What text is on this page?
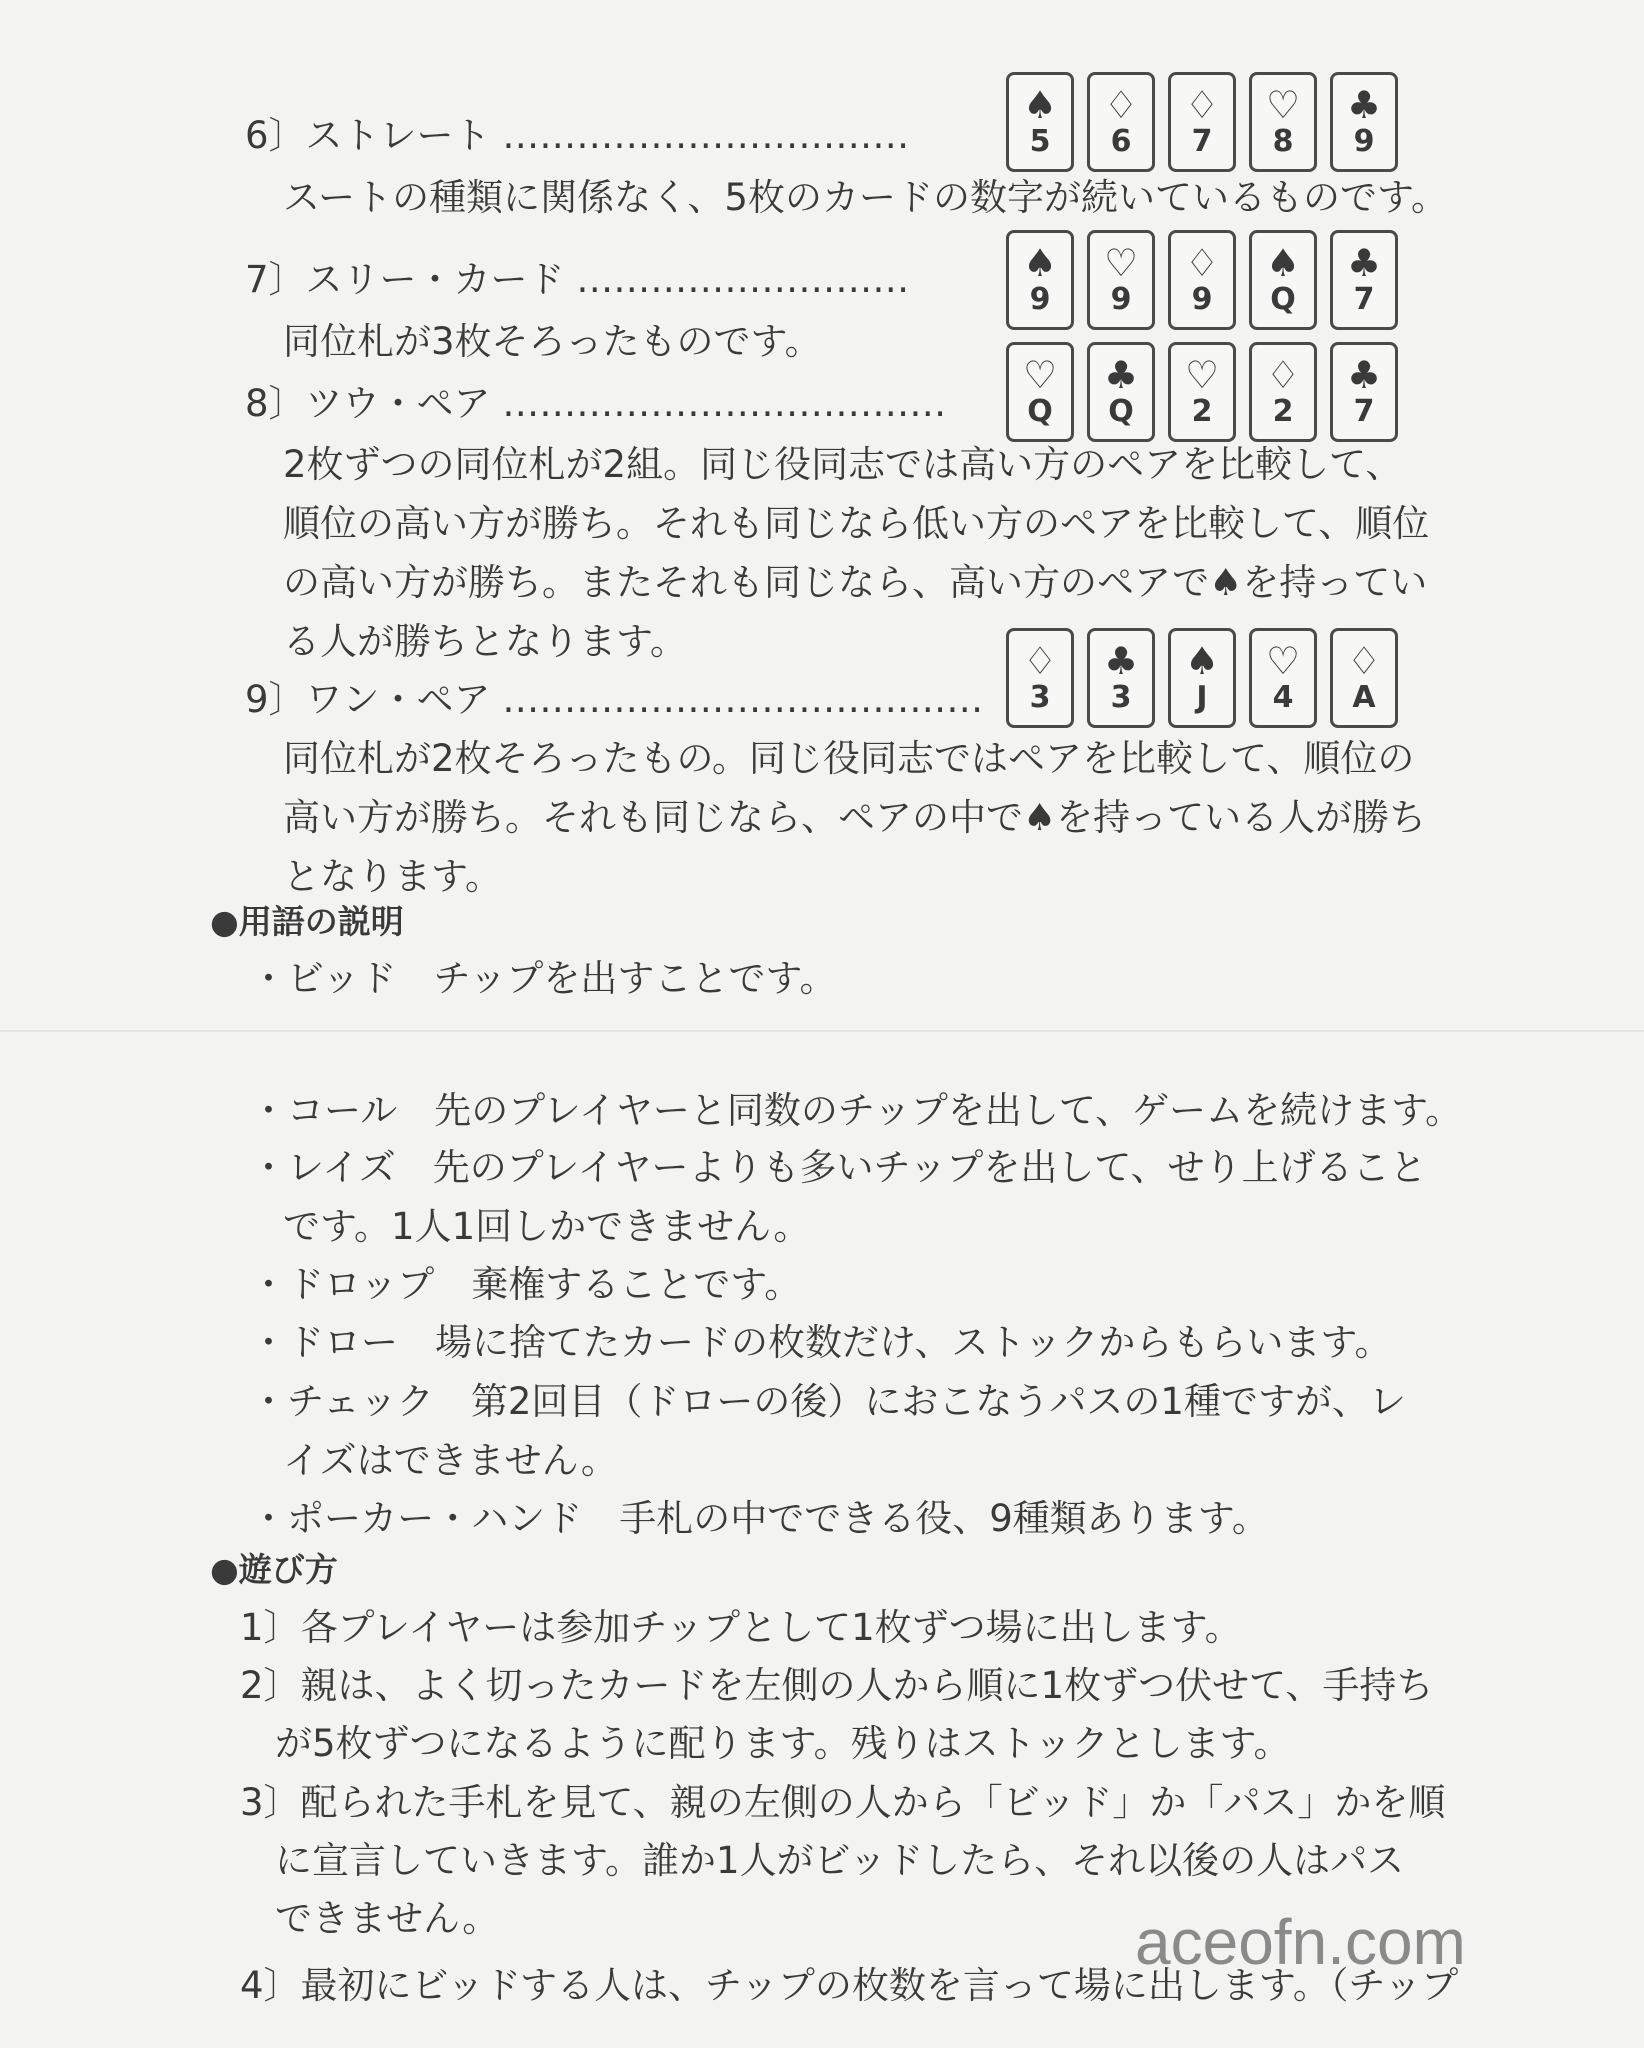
6〕ストレート ……………………………
♠
5
♢
6
♢
7
♡
8
♣
9
スートの種類に関係なく、5枚のカードの数字が続いているものです。
7〕スリー・カード ………………………	♠
9
♡
9
♢
9
♠
Q
♣
7
同位札が3枚そろったものです。
8〕ツウ・ペア ………………………………
♡
Q
♣
Q
♡
2
♢
2
♣
7
2枚ずつの同位札が2組。同じ役同志では高い方のペアを比較して、
順位の高い方が勝ち。それも同じなら低い方のペアを比較して、順位
の高い方が勝ち。またそれも同じなら、高い方のペアで♠を持ってい
る人が勝ちとなります。
9〕ワン・ペア …………………………………
♢
3
♣
3
♠
J
♡
4
♢
A
同位札が2枚そろったもの。同じ役同志ではペアを比較して、順位の
高い方が勝ち。それも同じなら、ペアの中で♠を持っている人が勝ち
となります。
●用語の説明
・ビッド　チップを出すことです。
・コール　先のプレイヤーと同数のチップを出して、ゲームを続けます。
・レイズ　先のプレイヤーよりも多いチップを出して、せり上げること
です。1人1回しかできません。
・ドロップ　棄権することです。
・ドロー　場に捨てたカードの枚数だけ、ストックからもらいます。
・チェック　第2回目（ドローの後）におこなうパスの1種ですが、レ
イズはできません。
・ポーカー・ハンド　手札の中でできる役、9種類あります。
●遊び方
1〕各プレイヤーは参加チップとして1枚ずつ場に出します。
2〕親は、よく切ったカードを左側の人から順に1枚ずつ伏せて、手持ち
が5枚ずつになるように配ります。残りはストックとします。
3〕配られた手札を見て、親の左側の人から「ビッド」か「パス」かを順
に宣言していきます。誰か1人がビッドしたら、それ以後の人はパス
できません。
4〕最初にビッドする人は、チップの枚数を言って場に出します。（チップ
aceofn.com
